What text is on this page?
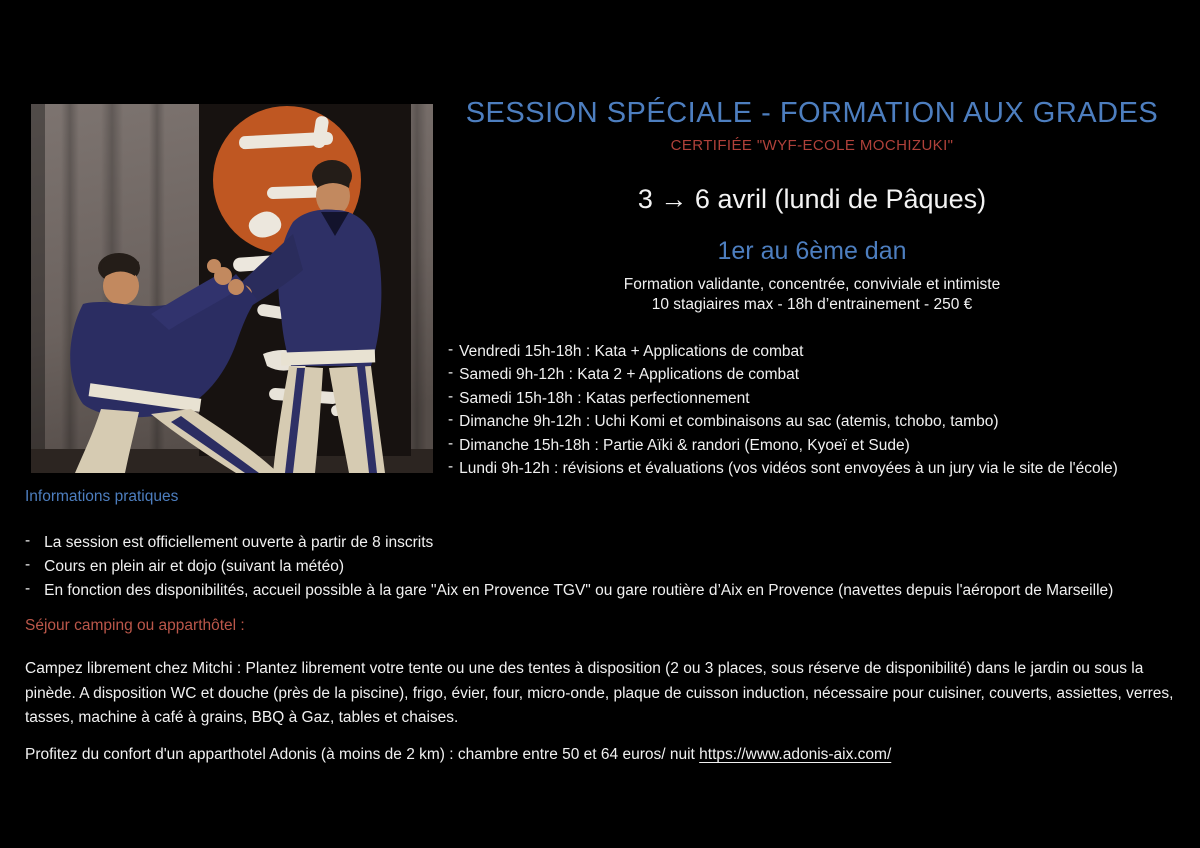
SESSION SPÉCIALE - FORMATION AUX GRADES
CERTIFIÉE "WYF-ECOLE MOCHIZUKI"
3 → 6 avril (lundi de Pâques)
1er au 6ème dan
Formation validante, concentrée, conviviale et intimiste
10 stagiaires max - 18h d’entrainement - 250 €
- Vendredi 15h-18h : Kata + Applications de combat
- Samedi 9h-12h : Kata 2 + Applications de combat
- Samedi 15h-18h : Katas perfectionnement
- Dimanche 9h-12h : Uchi Komi et combinaisons au sac (atemis, tchobo, tambo)
- Dimanche 15h-18h : Partie Aïki & randori (Emono, Kyoeï et Sude)
- Lundi 9h-12h : révisions et évaluations (vos vidéos sont envoyées à un jury via le site de l'école)
Informations pratiques
- La session est officiellement ouverte à partir de 8 inscrits
- Cours en plein air et dojo (suivant la météo)
- En fonction des disponibilités, accueil possible à la gare "Aix en Provence TGV" ou gare routière d’Aix en Provence (navettes depuis l'aéroport de Marseille)
Séjour camping ou apparthôtel :
Campez librement chez Mitchi : Plantez librement votre tente ou une des tentes à disposition (2 ou 3 places, sous réserve de disponibilité) dans le jardin ou sous la pinède. A disposition WC et douche (près de la piscine), frigo, évier, four, micro-onde, plaque de cuisson induction, nécessaire pour cuisiner, couverts, assiettes, verres, tasses, machine à café à grains, BBQ à Gaz, tables et chaises.
Profitez du confort d'un apparthotel Adonis (à moins de 2 km) : chambre entre 50 et 64 euros/ nuit https://www.adonis-aix.com/
